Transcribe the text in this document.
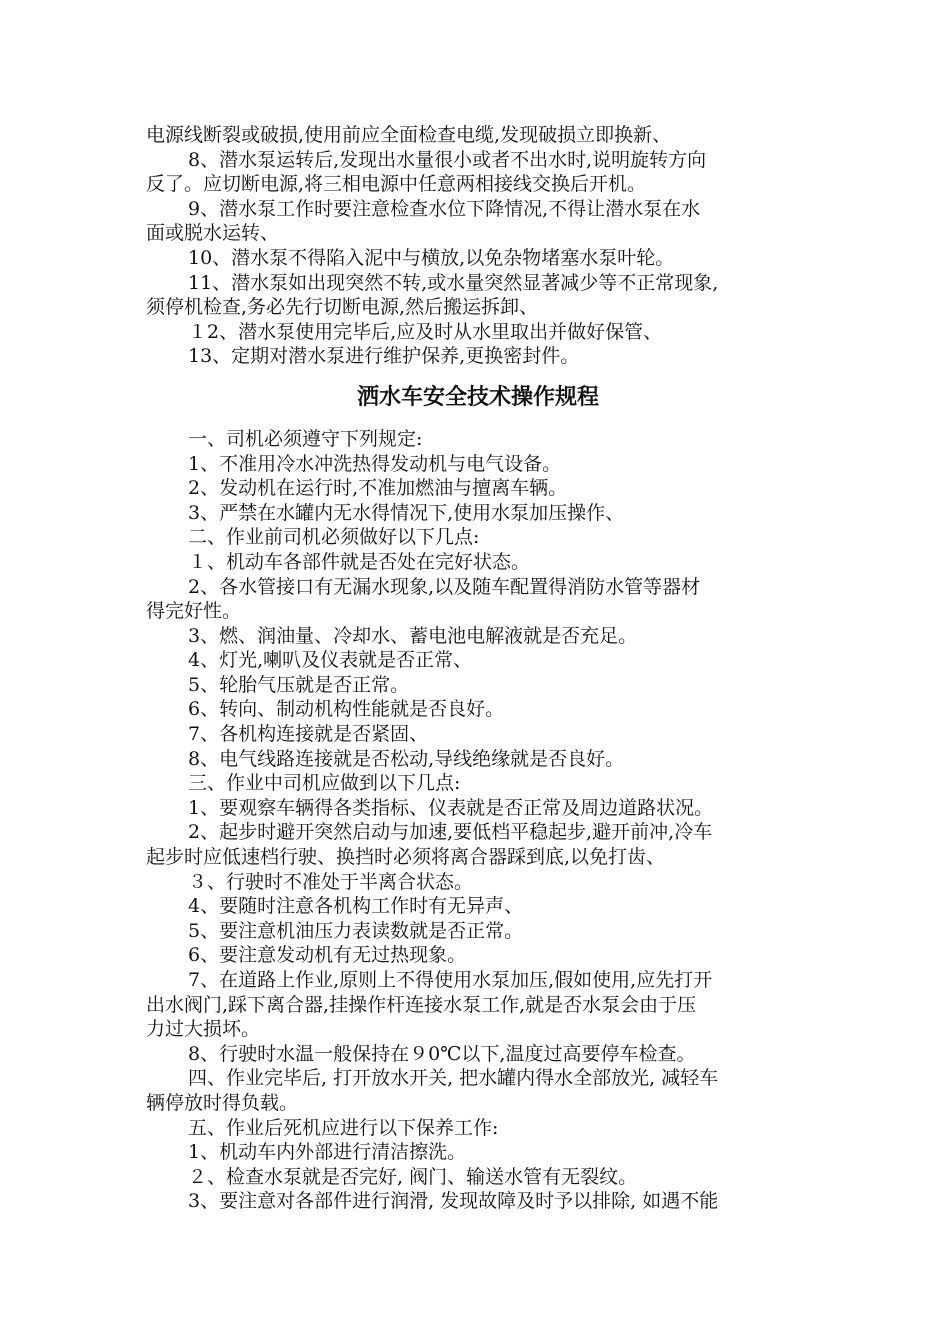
电源线断裂或破损,使用前应全面检查电缆,发现破损立即换新、
8、潜水泵运转后,发现出水量很小或者不出水时,说明旋转方向
反了。应切断电源,将三相电源中任意两相接线交换后开机。
9、潜水泵工作时要注意检查水位下降情况,不得让潜水泵在水
面或脱水运转、
10、潜水泵不得陷入泥中与横放,以免杂物堵塞水泵叶轮。
11、潜水泵如出现突然不转,或水量突然显著减少等不正常现象,
须停机检查,务必先行切断电源,然后搬运拆卸、
１2、潜水泵使用完毕后,应及时从水里取出并做好保管、
13、定期对潜水泵进行维护保养,更换密封件。
洒水车安全技术操作规程
一、司机必须遵守下列规定:
1、不准用冷水冲洗热得发动机与电气设备。
2、发动机在运行时,不准加燃油与擅离车辆。
3、严禁在水罐内无水得情况下,使用水泵加压操作、
二、作业前司机必须做好以下几点:
１、机动车各部件就是否处在完好状态。
2、各水管接口有无漏水现象,以及随车配置得消防水管等器材
得完好性。
3、燃、润油量、冷却水、蓄电池电解液就是否充足。
4、灯光,喇叭及仪表就是否正常、
5、轮胎气压就是否正常。
6、转向、制动机构性能就是否良好。
7、各机构连接就是否紧固、
8、电气线路连接就是否松动,导线绝缘就是否良好。
三、作业中司机应做到以下几点:
1、要观察车辆得各类指标、仪表就是否正常及周边道路状况。
2、起步时避开突然启动与加速,要低档平稳起步,避开前冲,冷车
起步时应低速档行驶、换挡时必须将离合器踩到底,以免打齿、
３、行驶时不准处于半离合状态。
4、要随时注意各机构工作时有无异声、
5、要注意机油压力表读数就是否正常。
6、要注意发动机有无过热现象。
7、在道路上作业,原则上不得使用水泵加压,假如使用,应先打开
出水阀门,踩下离合器,挂操作杆连接水泵工作,就是否水泵会由于压
力过大损坏。
8、行驶时水温一般保持在９0℃以下,温度过高要停车检查。
四、作业完毕后, 打开放水开关, 把水罐内得水全部放光, 减轻车
辆停放时得负载。
五、作业后死机应进行以下保养工作:
1、机动车内外部进行清洁擦洗。
２、检查水泵就是否完好, 阀门、输送水管有无裂纹。
3、要注意对各部件进行润滑, 发现故障及时予以排除, 如遇不能
